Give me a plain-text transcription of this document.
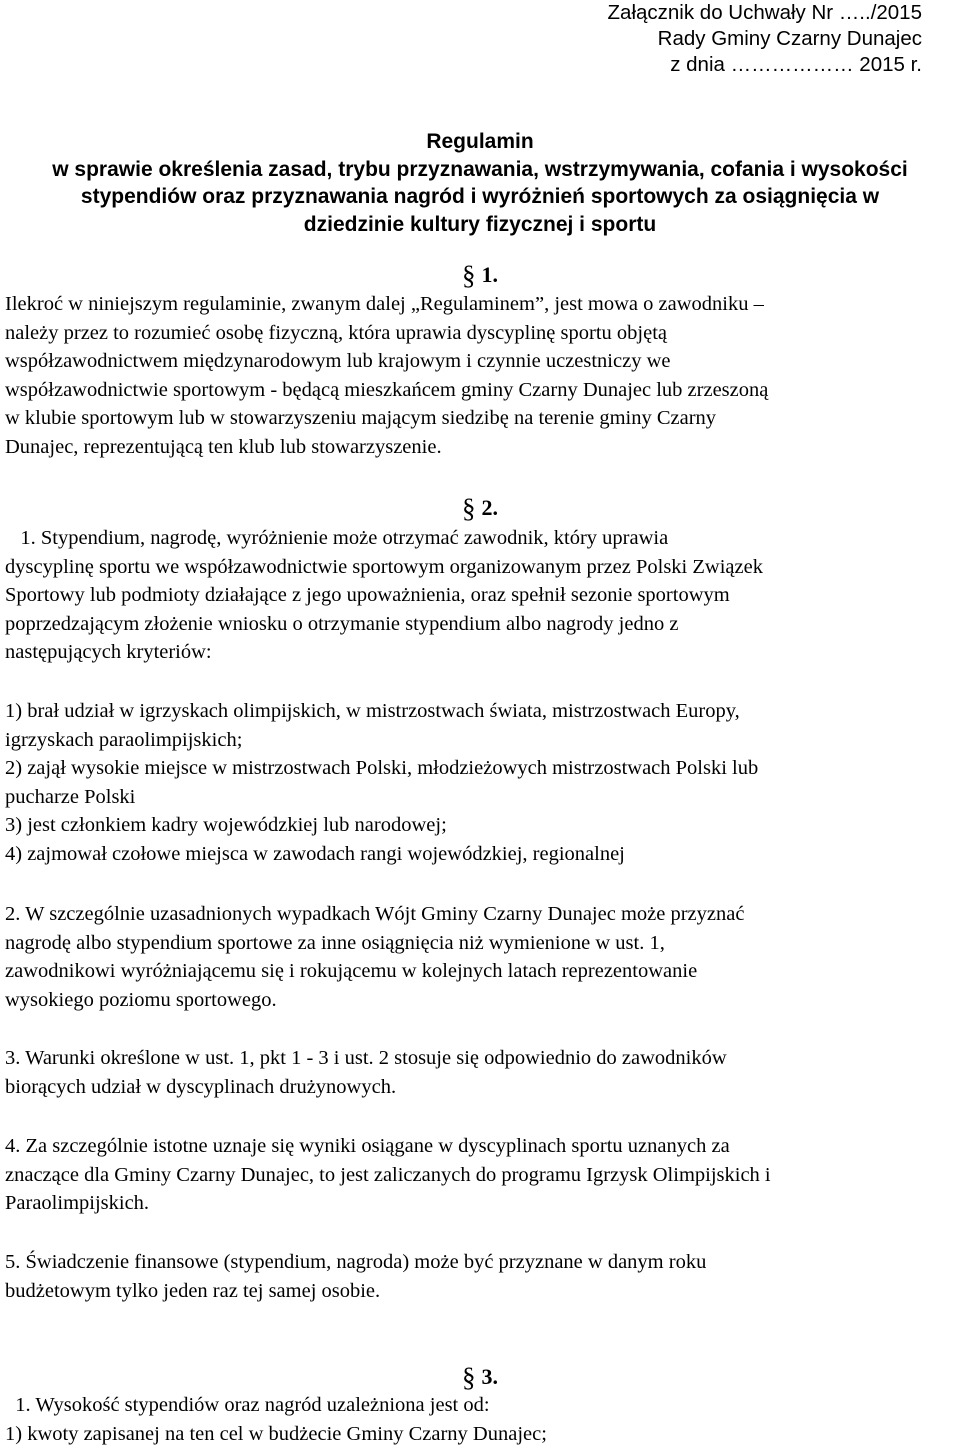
Załącznik do Uchwały Nr …../2015
Rady Gminy Czarny Dunajec
z dnia ……………… 2015 r.
Regulamin
w sprawie określenia zasad, trybu przyznawania, wstrzymywania, cofania i wysokości
stypendiów oraz przyznawania nagród i wyróżnień sportowych za osiągnięcia w
dziedzinie kultury fizycznej i sportu
§ 1.

Ilekroć w niniejszym regulaminie, zwanym dalej „Regulaminem”, jest mowa o zawodniku –
należy przez to rozumieć osobę fizyczną, która uprawia dyscyplinę sportu objętą
współzawodnictwem międzynarodowym lub krajowym i czynnie uczestniczy we
współzawodnictwie sportowym - będącą mieszkańcem gminy Czarny Dunajec lub zrzeszoną
w klubie sportowym lub w stowarzyszeniu mającym siedzibę na terenie gminy Czarny
Dunajec, reprezentującą ten klub lub stowarzyszenie.

§ 2.

1. Stypendium, nagrodę, wyróżnienie może otrzymać zawodnik, który uprawia
dyscyplinę sportu we współzawodnictwie sportowym organizowanym przez Polski Związek
Sportowy lub podmioty działające z jego upoważnienia, oraz spełnił sezonie sportowym
poprzedzającym złożenie wniosku o otrzymanie stypendium albo nagrody jedno z
następujących kryteriów:

1) brał udział w igrzyskach olimpijskich, w mistrzostwach świata, mistrzostwach Europy,
igrzyskach paraolimpijskich;
2) zajął wysokie miejsce w mistrzostwach Polski, młodzieżowych mistrzostwach Polski lub
pucharze Polski
3) jest członkiem kadry wojewódzkiej lub narodowej;
4) zajmował czołowe miejsca w zawodach rangi wojewódzkiej, regionalnej

2. W szczególnie uzasadnionych wypadkach Wójt Gminy Czarny Dunajec może przyznać
nagrodę albo stypendium sportowe za inne osiągnięcia niż wymienione w ust. 1,
zawodnikowi wyróżniającemu się i rokującemu w kolejnych latach reprezentowanie
wysokiego poziomu sportowego.

3. Warunki określone w ust. 1, pkt 1 - 3 i ust. 2 stosuje się odpowiednio do zawodników
biorących udział w dyscyplinach drużynowych.

4. Za szczególnie istotne uznaje się wyniki osiągane w dyscyplinach sportu uznanych za
znaczące dla Gminy Czarny Dunajec, to jest zaliczanych do programu Igrzysk Olimpijskich i
Paraolimpijskich.

5. Świadczenie finansowe (stypendium, nagroda) może być przyznane w danym roku
budżetowym tylko jeden raz tej samej osobie.

§ 3.

1. Wysokość stypendiów oraz nagród uzależniona jest od:
1) kwoty zapisanej na ten cel w budżecie Gminy Czarny Dunajec;
